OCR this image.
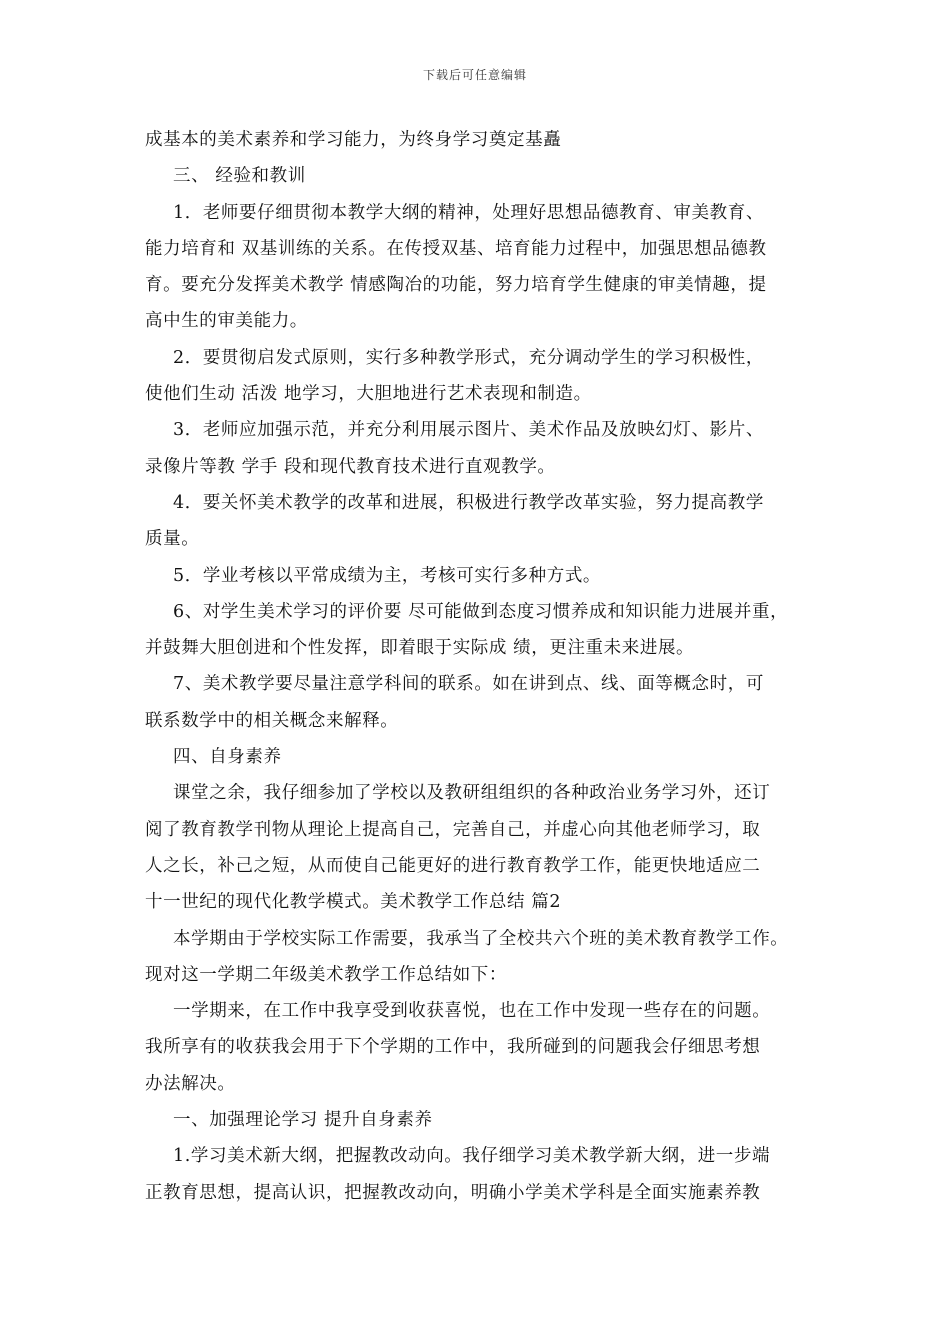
下载后可任意编辑
成基本的美术素养和学习能力，为终身学习奠定基矗
三、 经验和教训
1．老师要仔细贯彻本教学大纲的精神，处理好思想品德教育、审美教育、
能力培育和 双基训练的关系。在传授双基、培育能力过程中，加强思想品德教
育。要充分发挥美术教学 情感陶冶的功能，努力培育学生健康的审美情趣，提
高中生的审美能力。
2．要贯彻启发式原则，实行多种教学形式，充分调动学生的学习积极性，
使他们生动 活泼 地学习，大胆地进行艺术表现和制造。
3．老师应加强示范，并充分利用展示图片、美术作品及放映幻灯、影片、
录像片等教 学手 段和现代教育技术进行直观教学。
4．要关怀美术教学的改革和进展，积极进行教学改革实验，努力提高教学
质量。
5．学业考核以平常成绩为主，考核可实行多种方式。
6、对学生美术学习的评价要 尽可能做到态度习惯养成和知识能力进展并重，
并鼓舞大胆创进和个性发挥，即着眼于实际成 绩，更注重未来进展。
7、美术教学要尽量注意学科间的联系。如在讲到点、线、面等概念时，可
联系数学中的相关概念来解释。
四、自身素养
课堂之余，我仔细参加了学校以及教研组组织的各种政治业务学习外，还订
阅了教育教学刊物从理论上提高自己，完善自己，并虚心向其他老师学习，取
人之长，补己之短，从而使自己能更好的进行教育教学工作，能更快地适应二
十一世纪的现代化教学模式。美术教学工作总结 篇2
本学期由于学校实际工作需要，我承当了全校共六个班的美术教育教学工作。
现对这一学期二年级美术教学工作总结如下：
一学期来，在工作中我享受到收获喜悦，也在工作中发现一些存在的问题。
我所享有的收获我会用于下个学期的工作中，我所碰到的问题我会仔细思考想
办法解决。
一、加强理论学习 提升自身素养
1.学习美术新大纲，把握教改动向。我仔细学习美术教学新大纲，进一步端
正教育思想，提高认识，把握教改动向，明确小学美术学科是全面实施素养教
